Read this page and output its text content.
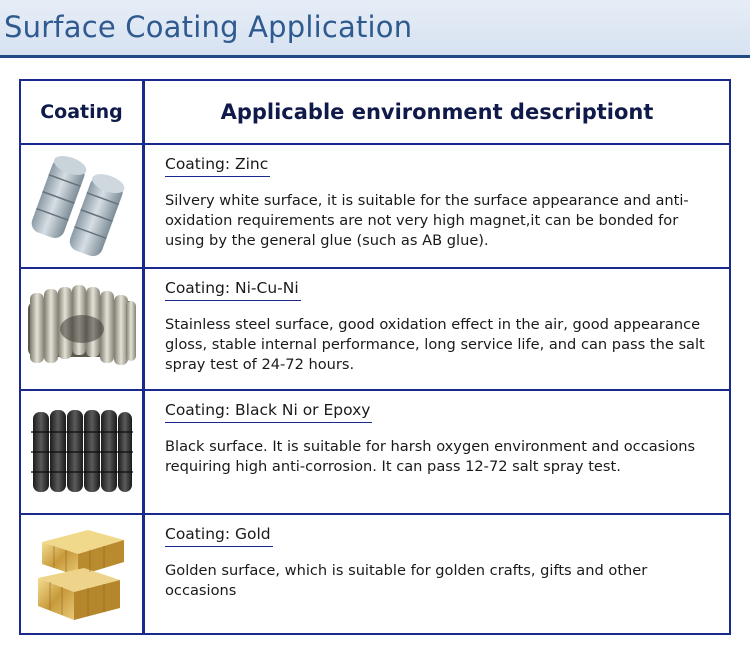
Surface Coating Application
Coating	Applicable environment descriptiont
Coating: Zinc
Silvery white surface, it is suitable for the surface appearance and anti-oxidation requirements are not very high magnet,it can be bonded for using by the general glue (such as AB glue).
Coating: Ni-Cu-Ni
Stainless steel surface, good oxidation effect in the air, good appearance gloss, stable internal performance, long service life, and can pass the salt spray test of 24-72 hours.
Coating: Black Ni or Epoxy
Black surface. It is suitable for harsh oxygen environment and occasions requiring high anti-corrosion. It can pass 12-72 salt spray test.
Coating: Gold
Golden surface, which is suitable for golden crafts, gifts and other occasions
